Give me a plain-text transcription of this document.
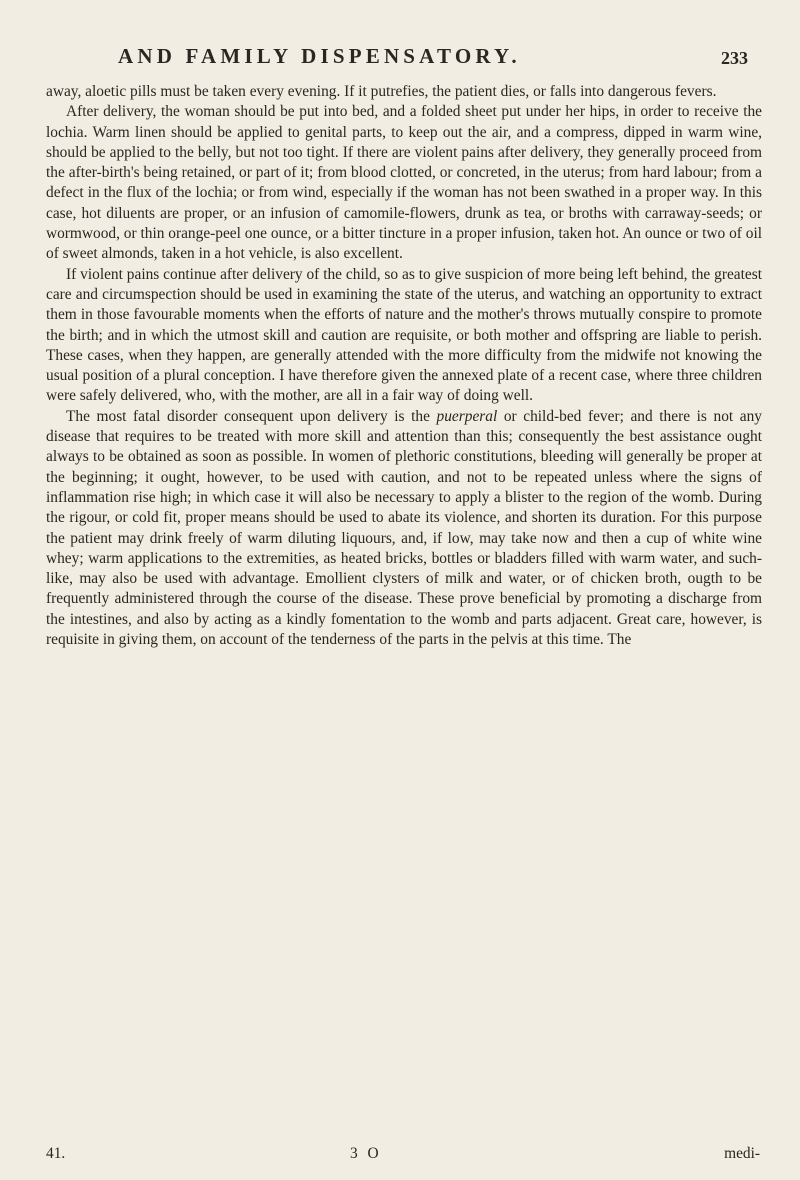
AND FAMILY DISPENSATORY.	233

away, aloetic pills must be taken every evening. If it putrefies, the patient dies, or falls into dangerous fevers.

After delivery, the woman should be put into bed, and a folded sheet put under her hips, in order to receive the lochia. Warm linen should be applied to genital parts, to keep out the air, and a compress, dipped in warm wine, should be applied to the belly, but not too tight. If there are violent pains after delivery, they generally proceed from the after-birth's being retained, or part of it; from blood clotted, or concreted, in the uterus; from hard labour; from a defect in the flux of the lochia; or from wind, especially if the woman has not been swathed in a proper way. In this case, hot diluents are proper, or an infusion of camomile-flowers, drunk as tea, or broths with carraway-seeds; or wormwood, or thin orange-peel one ounce, or a bitter tincture in a proper infusion, taken hot. An ounce or two of oil of sweet almonds, taken in a hot vehicle, is also excellent.

If violent pains continue after delivery of the child, so as to give suspicion of more being left behind, the greatest care and circumspection should be used in examining the state of the uterus, and watching an opportunity to extract them in those favourable moments when the efforts of nature and the mother's throws mutually conspire to promote the birth; and in which the utmost skill and caution are requisite, or both mother and offspring are liable to perish. These cases, when they happen, are generally attended with the more difficulty from the midwife not knowing the usual position of a plural conception. I have therefore given the annexed plate of a recent case, where three children were safely delivered, who, with the mother, are all in a fair way of doing well.

The most fatal disorder consequent upon delivery is the puerperal or child-bed fever; and there is not any disease that requires to be treated with more skill and attention than this; consequently the best assistance ought always to be obtained as soon as possible. In women of plethoric constitutions, bleeding will generally be proper at the beginning; it ought, however, to be used with caution, and not to be repeated unless where the signs of inflammation rise high; in which case it will also be necessary to apply a blister to the region of the womb. During the rigour, or cold fit, proper means should be used to abate its violence, and shorten its duration. For this purpose the patient may drink freely of warm diluting liquours, and, if low, may take now and then a cup of white wine whey; warm applications to the extremities, as heated bricks, bottles or bladders filled with warm water, and such-like, may also be used with advantage. Emollient clysters of milk and water, or of chicken broth, ougth to be frequently administered through the course of the disease. These prove beneficial by promoting a discharge from the intestines, and also by acting as a kindly fomentation to the womb and parts adjacent. Great care, however, is requisite in giving them, on account of the tenderness of the parts in the pelvis at this time. The

41.	3 O	medi-
